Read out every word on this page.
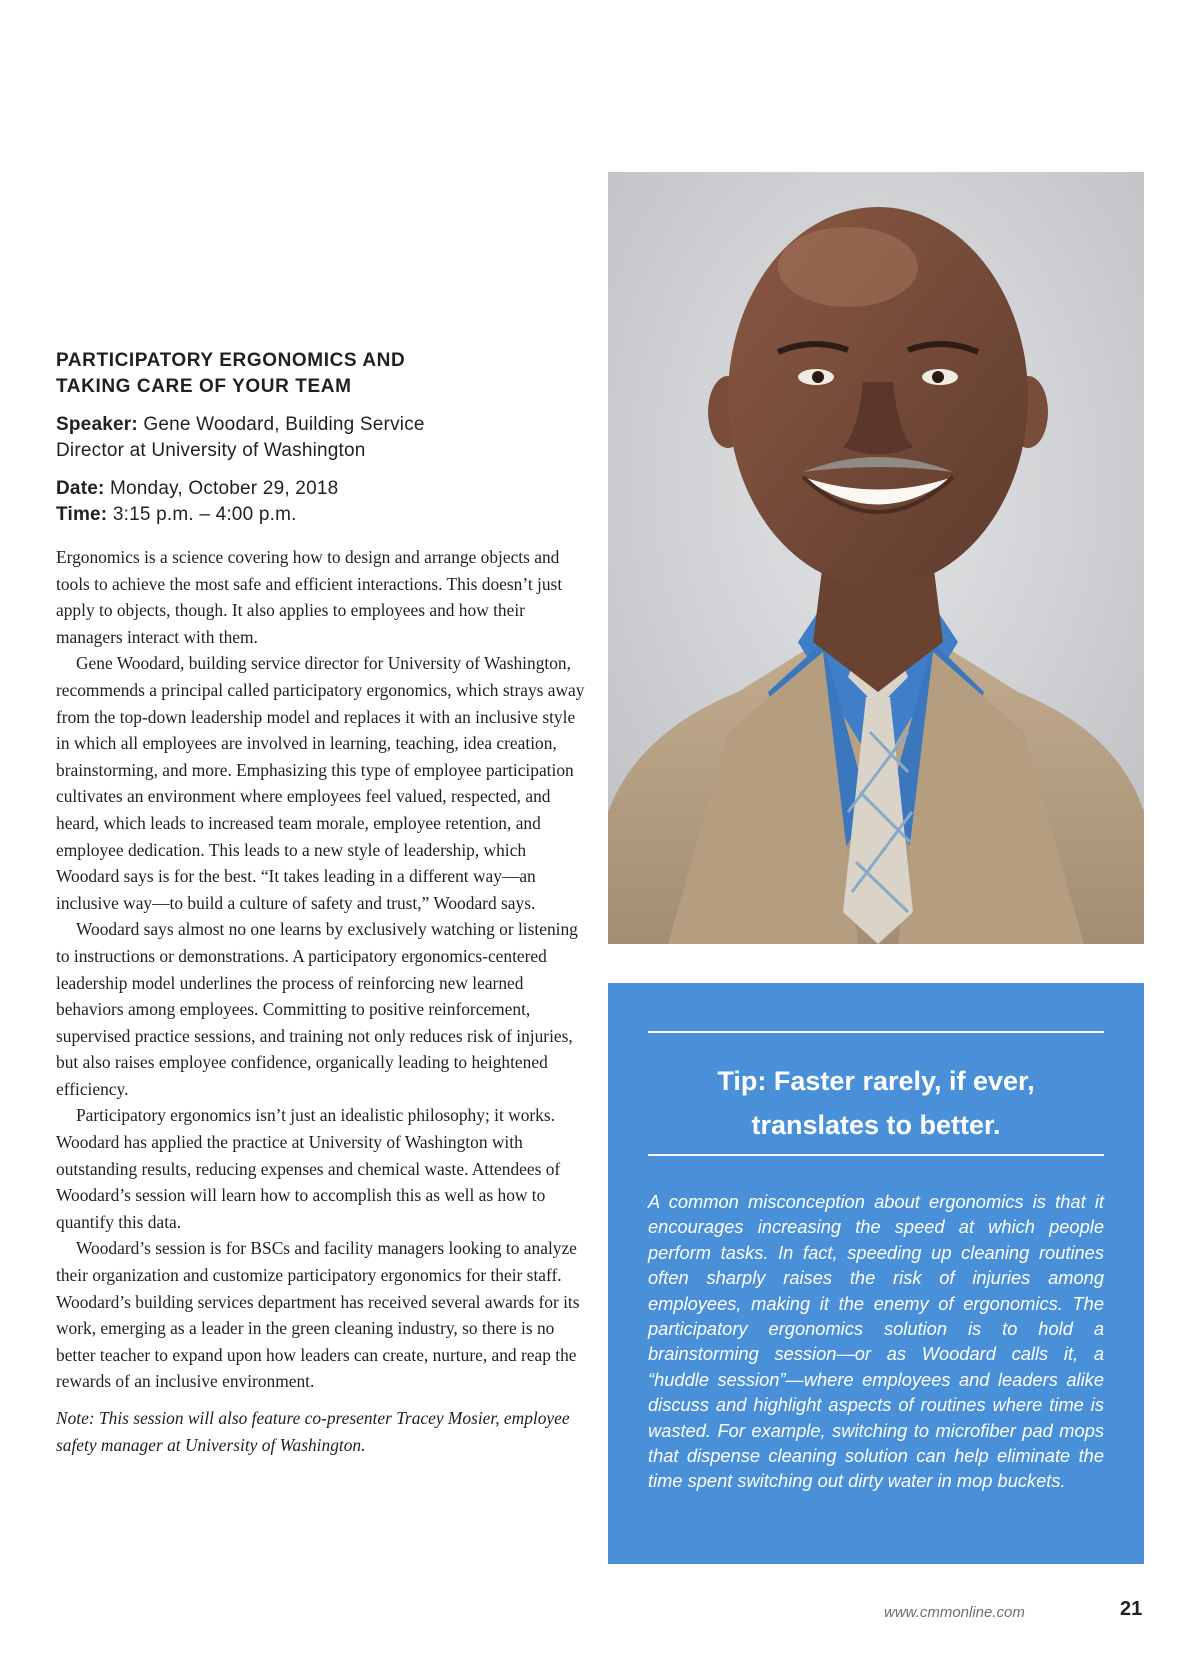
PARTICIPATORY ERGONOMICS AND
TAKING CARE OF YOUR TEAM

Speaker: Gene Woodard, Building Service
Director at University of Washington

Date: Monday, October 29, 2018
Time: 3:15 p.m. – 4:00 p.m.

Ergonomics is a science covering how to design and arrange objects and tools to achieve the most safe and efficient interactions. This doesn’t just apply to objects, though. It also applies to employees and how their managers interact with them.

Gene Woodard, building service director for University of Washington, recommends a principal called participatory ergonomics, which strays away from the top-down leadership model and replaces it with an inclusive style in which all employees are involved in learning, teaching, idea creation, brainstorming, and more. Emphasizing this type of employee participation cultivates an environment where employees feel valued, respected, and heard, which leads to increased team morale, employee retention, and employee dedication. This leads to a new style of leadership, which Woodard says is for the best. “It takes leading in a different way—an inclusive way—to build a culture of safety and trust,” Woodard says.

Woodard says almost no one learns by exclusively watching or listening to instructions or demonstrations. A participatory ergonomics-centered leadership model underlines the process of reinforcing new learned behaviors among employees. Committing to positive reinforcement, supervised practice sessions, and training not only reduces risk of injuries, but also raises employee confidence, organically leading to heightened efficiency.

Participatory ergonomics isn’t just an idealistic philosophy; it works. Woodard has applied the practice at University of Washington with outstanding results, reducing expenses and chemical waste. Attendees of Woodard’s session will learn how to accomplish this as well as how to quantify this data.

Woodard’s session is for BSCs and facility managers looking to analyze their organization and customize participatory ergonomics for their staff. Woodard’s building services department has received several awards for its work, emerging as a leader in the green cleaning industry, so there is no better teacher to expand upon how leaders can create, nurture, and reap the rewards of an inclusive environment.

Note: This session will also feature co-presenter Tracey Mosier, employee safety manager at University of Washington.

Tip: Faster rarely, if ever,
translates to better.
A common misconception about ergonomics is that it encourages increasing the speed at which people perform tasks. In fact, speeding up cleaning routines often sharply raises the risk of injuries among employees, making it the enemy of ergonomics. The participatory ergonomics solution is to hold a brainstorming session—or as Woodard calls it, a “huddle session”—where employees and leaders alike discuss and highlight aspects of routines where time is wasted. For example, switching to microfiber pad mops that dispense cleaning solution can help eliminate the time spent switching out dirty water in mop buckets.
www.cmmonline.com	21
